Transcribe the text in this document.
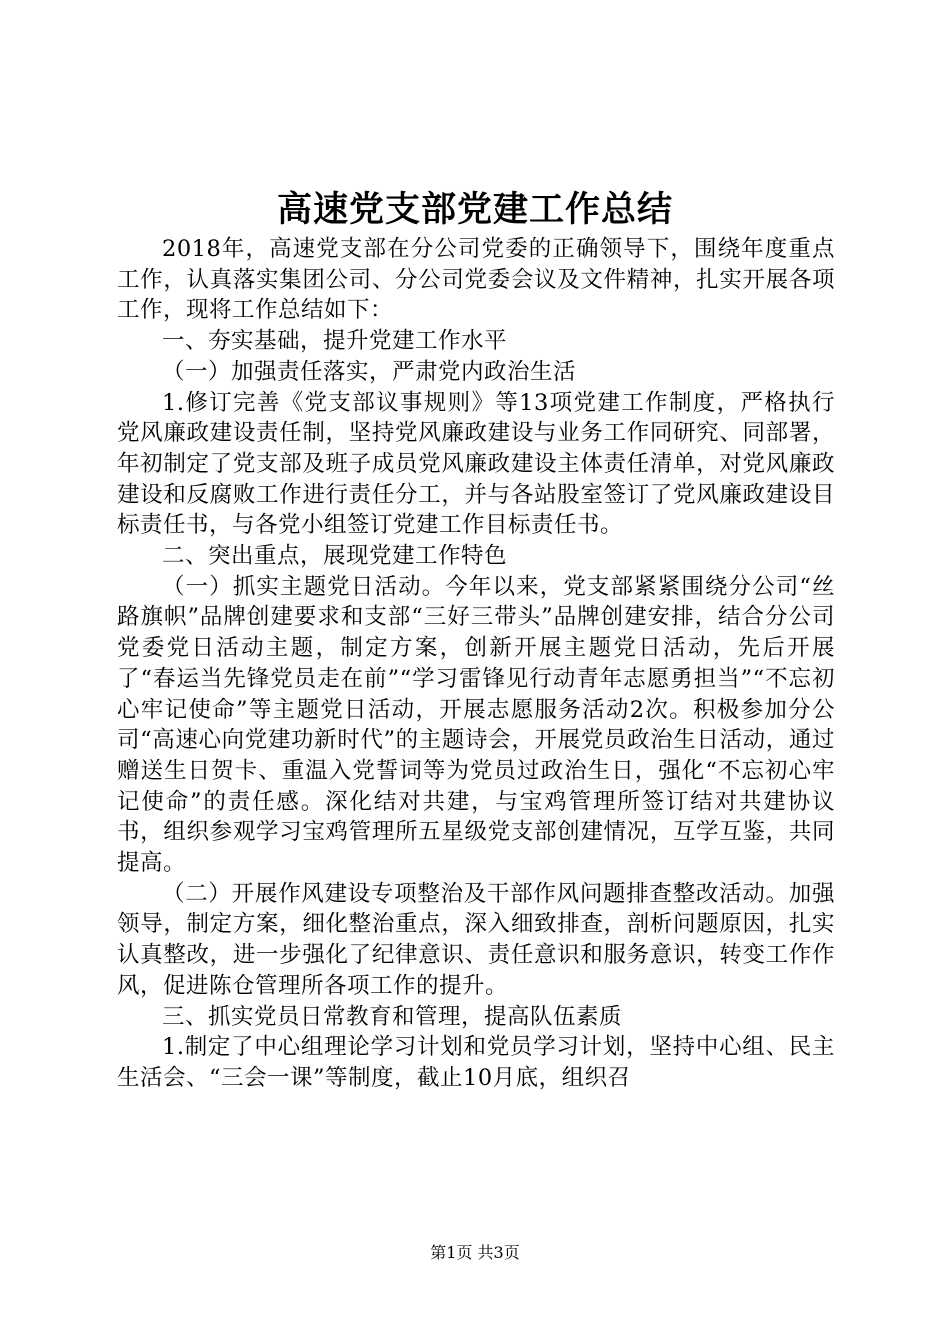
高速党支部党建工作总结

2018年，高速党支部在分公司党委的正确领导下，围绕年度重点工作，认真落实集团公司、分公司党委会议及文件精神，扎实开展各项工作，现将工作总结如下：

一、夯实基础，提升党建工作水平

（一）加强责任落实，严肃党内政治生活

1.修订完善《党支部议事规则》等13项党建工作制度，严格执行党风廉政建设责任制，坚持党风廉政建设与业务工作同研究、同部署，年初制定了党支部及班子成员党风廉政建设主体责任清单，对党风廉政建设和反腐败工作进行责任分工，并与各站股室签订了党风廉政建设目标责任书，与各党小组签订党建工作目标责任书。

二、突出重点，展现党建工作特色

（一）抓实主题党日活动。今年以来，党支部紧紧围绕分公司“丝路旗帜”品牌创建要求和支部“三好三带头”品牌创建安排，结合分公司党委党日活动主题，制定方案，创新开展主题党日活动，先后开展了“春运当先锋党员走在前”“学习雷锋见行动青年志愿勇担当”“不忘初心牢记使命”等主题党日活动，开展志愿服务活动2次。积极参加分公司“高速心向党建功新时代”的主题诗会，开展党员政治生日活动，通过赠送生日贺卡、重温入党誓词等为党员过政治生日，强化“不忘初心牢记使命”的责任感。深化结对共建，与宝鸡管理所签订结对共建协议书，组织参观学习宝鸡管理所五星级党支部创建情况，互学互鉴，共同提高。

（二）开展作风建设专项整治及干部作风问题排查整改活动。加强领导，制定方案，细化整治重点，深入细致排查，剖析问题原因，扎实认真整改，进一步强化了纪律意识、责任意识和服务意识，转变工作作风，促进陈仓管理所各项工作的提升。

三、抓实党员日常教育和管理，提高队伍素质

1.制定了中心组理论学习计划和党员学习计划，坚持中心组、民主生活会、“三会一课”等制度，截止10月底，组织召

第1页 共3页
